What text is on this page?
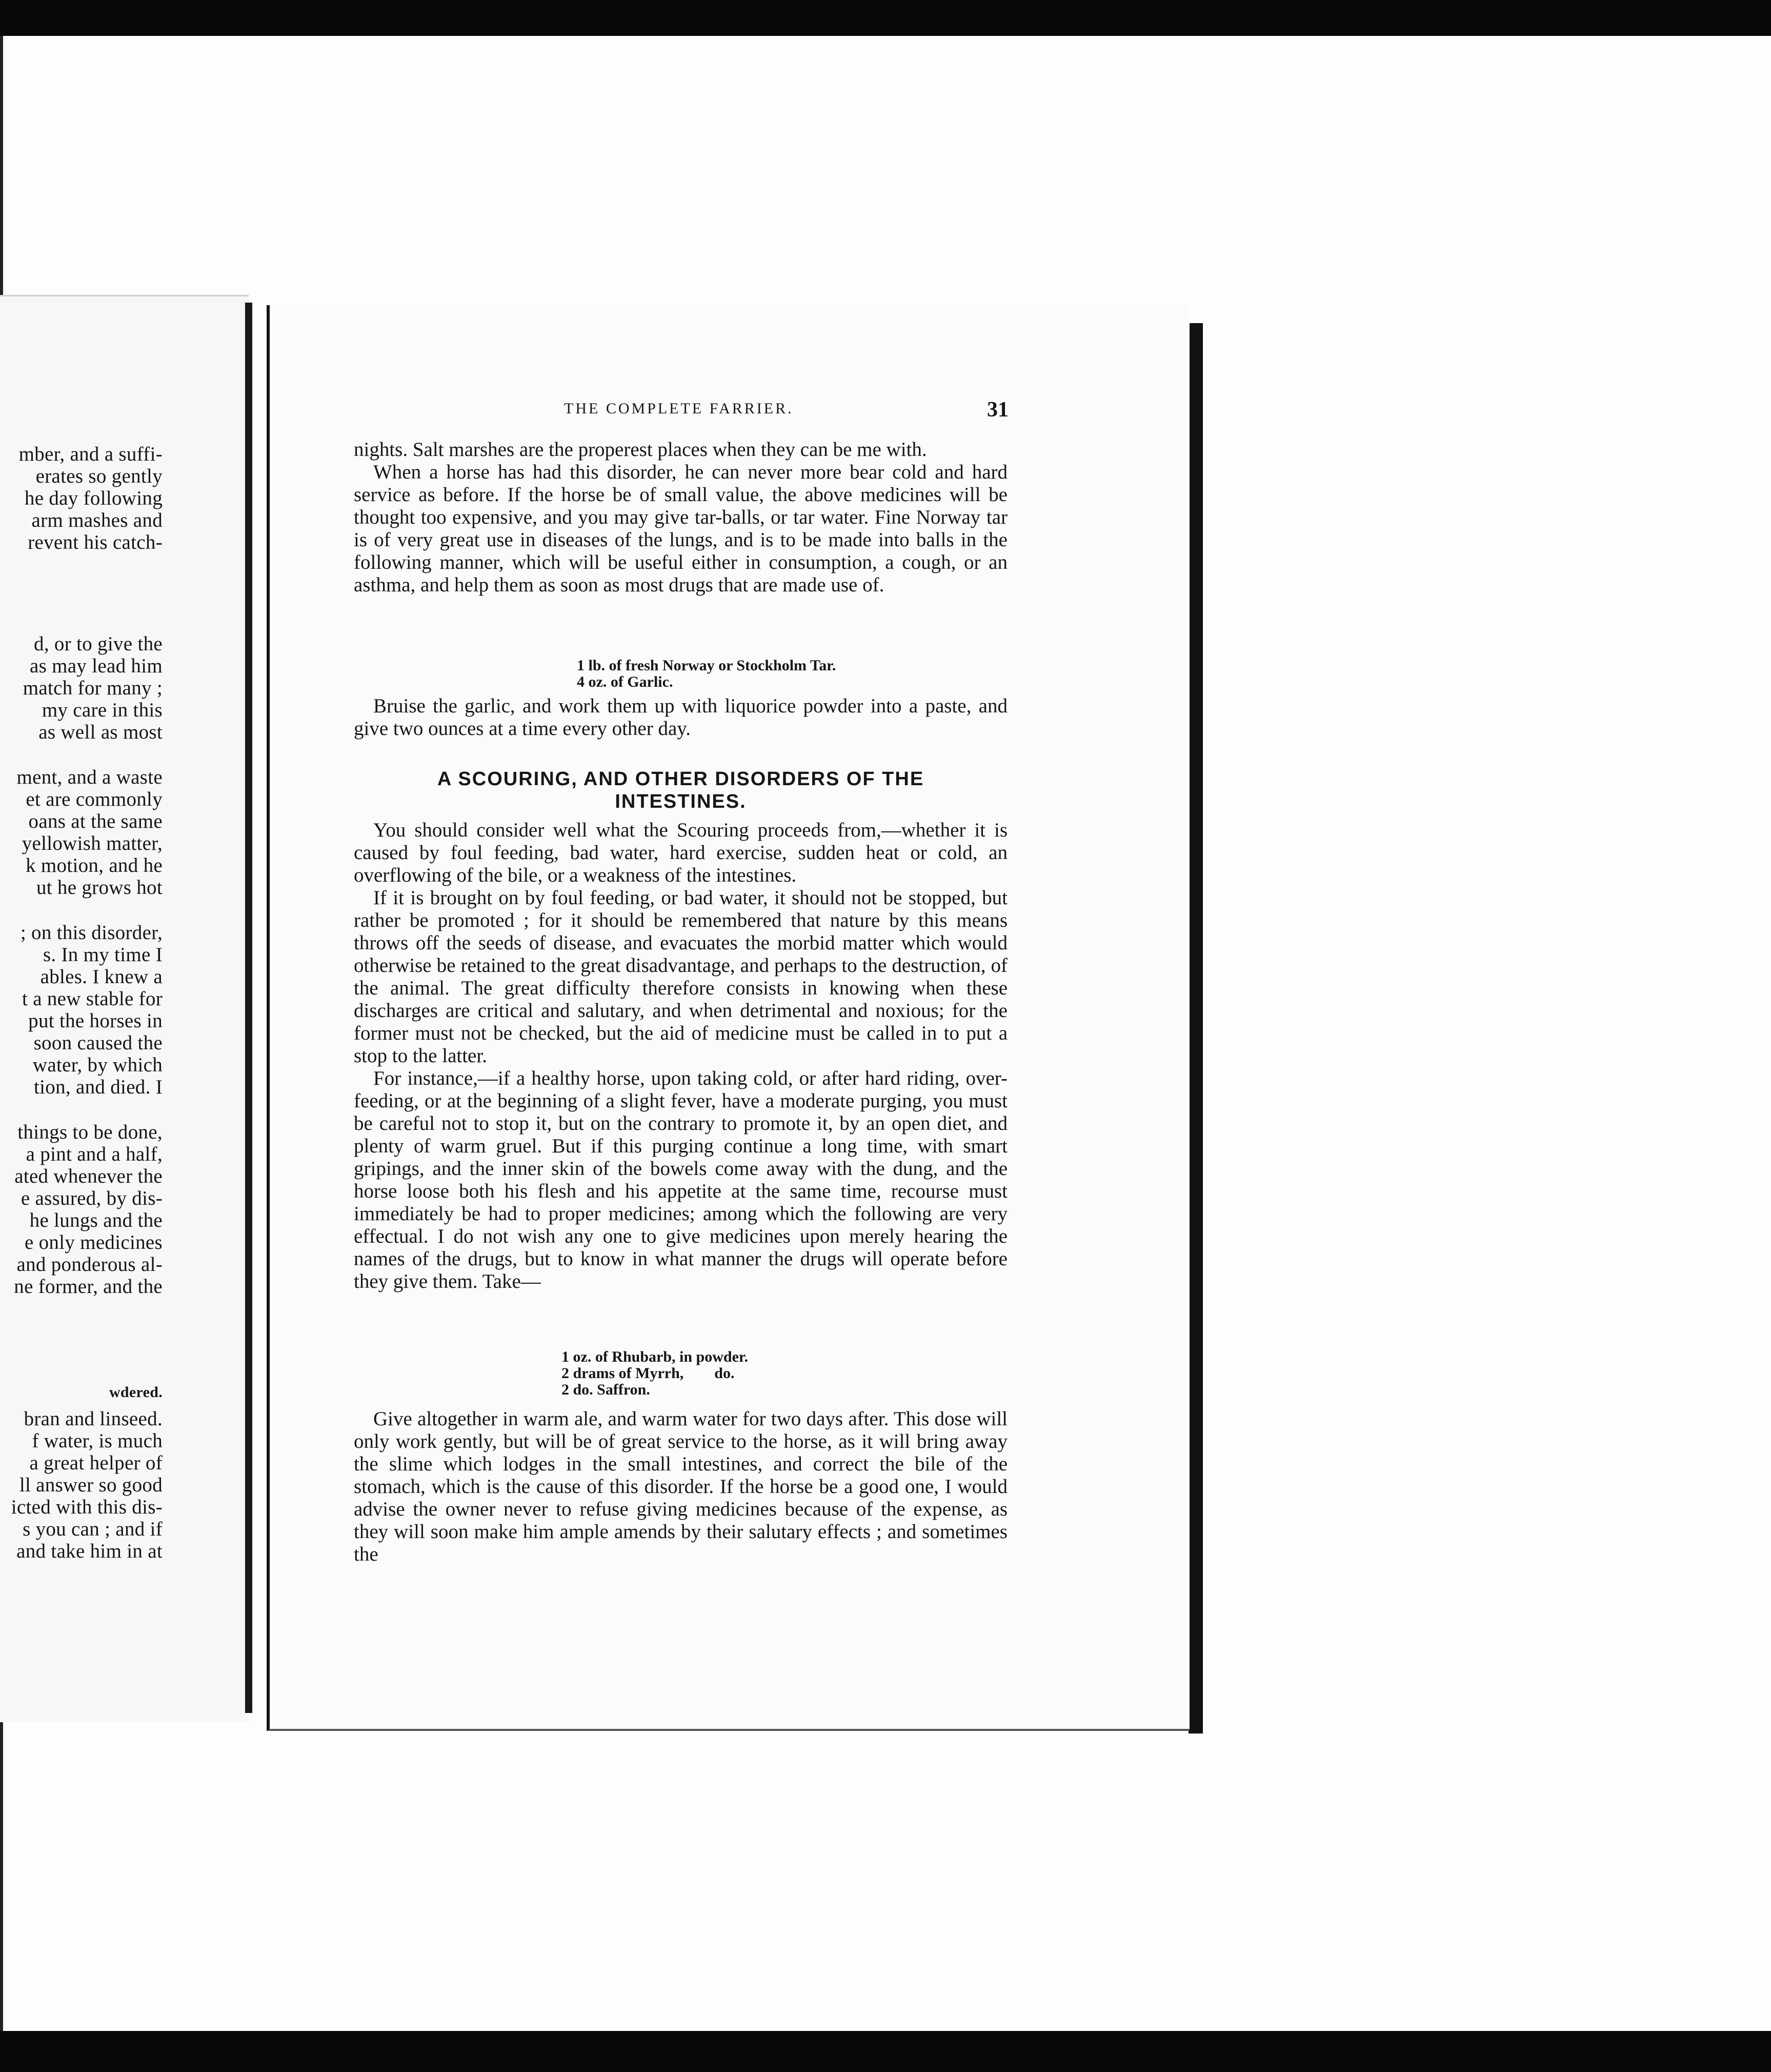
mber, and a suffi-
erates so gently
he day following
arm mashes and
revent his catch-
d, or to give the
as may lead him
match for many ;
my care in this
as well as most
ment, and a waste
et are commonly
oans at the same
yellowish matter,
k motion, and he
ut he grows hot
; on this disorder,
s. In my time I
ables. I knew a
t a new stable for
put the horses in
soon caused the
water, by which
tion, and died. I
things to be done,
a pint and a half,
ated whenever the
e assured, by dis-
he lungs and the
e only medicines
and ponderous al-
ne former, and the
wdered.
bran and linseed.
f water, is much
a great helper of
ll answer so good
icted with this dis-
s you can ; and if
and take him in at
THE COMPLETE FARRIER.	31

nights. Salt marshes are the properest places when they can be me with.

When a horse has had this disorder, he can never more bear cold and hard service as before. If the horse be of small value, the above medicines will be thought too expensive, and you may give tar-balls, or tar water. Fine Norway tar is of very great use in diseases of the lungs, and is to be made into balls in the following manner, which will be useful either in consumption, a cough, or an asthma, and help them as soon as most drugs that are made use of.

1 lb. of fresh Norway or Stockholm Tar.
4 oz. of Garlic.

Bruise the garlic, and work them up with liquorice powder into a paste, and give two ounces at a time every other day.

A SCOURING, AND OTHER DISORDERS OF THE
INTESTINES.

You should consider well what the Scouring proceeds from,—whether it is caused by foul feeding, bad water, hard exercise, sudden heat or cold, an overflowing of the bile, or a weakness of the intestines.

If it is brought on by foul feeding, or bad water, it should not be stopped, but rather be promoted ; for it should be remembered that nature by this means throws off the seeds of disease, and evacuates the morbid matter which would otherwise be retained to the great disadvantage, and perhaps to the destruction, of the animal. The great difficulty therefore consists in knowing when these discharges are critical and salutary, and when detrimental and noxious; for the former must not be checked, but the aid of medicine must be called in to put a stop to the latter.

For instance,—if a healthy horse, upon taking cold, or after hard riding, over-feeding, or at the beginning of a slight fever, have a moderate purging, you must be careful not to stop it, but on the contrary to promote it, by an open diet, and plenty of warm gruel. But if this purging continue a long time, with smart gripings, and the inner skin of the bowels come away with the dung, and the horse loose both his flesh and his appetite at the same time, recourse must immediately be had to proper medicines; among which the following are very effectual. I do not wish any one to give medicines upon merely hearing the names of the drugs, but to know in what manner the drugs will operate before they give them. Take—

1 oz. of Rhubarb, in powder.
2 drams of Myrrh,        do.
2 do. Saffron.

Give altogether in warm ale, and warm water for two days after. This dose will only work gently, but will be of great service to the horse, as it will bring away the slime which lodges in the small intestines, and correct the bile of the stomach, which is the cause of this disorder. If the horse be a good one, I would advise the owner never to refuse giving medicines because of the expense, as they will soon make him ample amends by their salutary effects ; and sometimes the
